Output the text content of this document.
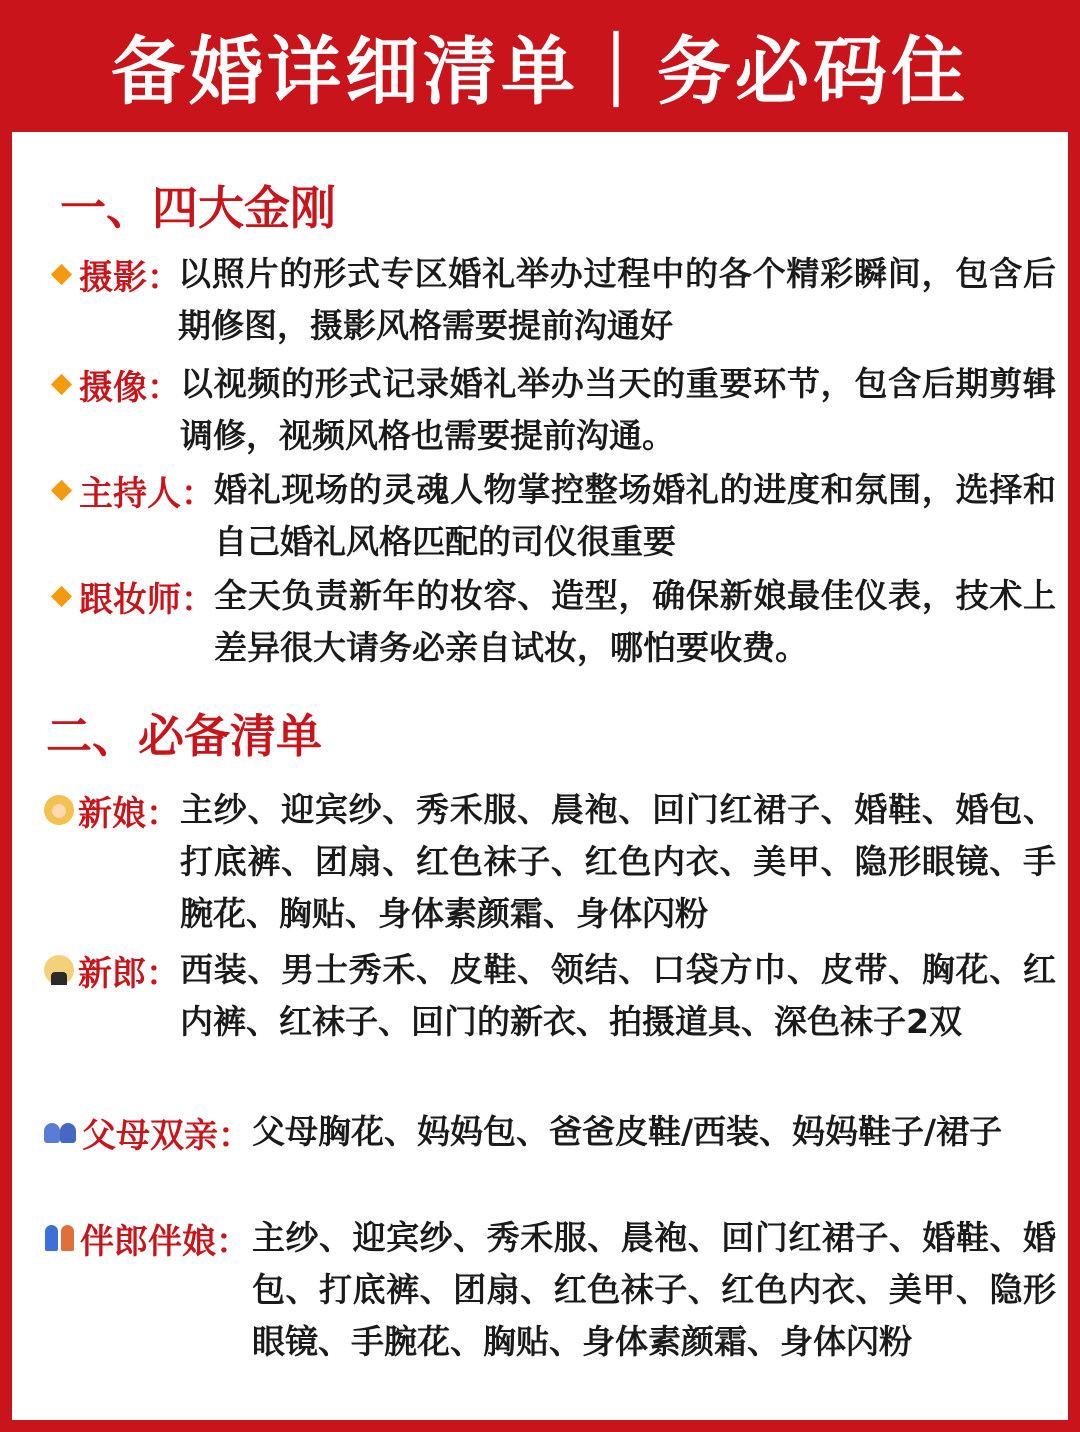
备婚详细清单｜务必码住
一、四大金刚
摄影：

以照片的形式专区婚礼举办过程中的各个精彩瞬间，包含后期修图，摄影风格需要提前沟通好

摄像： 以视频的形式记录婚礼举办当天的重要环节，包含后期剪辑调修，视频风格也需要提前沟通。

主持人： 婚礼现场的灵魂人物掌控整场婚礼的进度和氛围，选择和自己婚礼风格匹配的司仪很重要

跟妆师： 全天负责新年的妆容、造型，确保新娘最佳仪表，技术上差异很大请务必亲自试妆，哪怕要收费。

二、必备清单
新娘： 主纱、迎宾纱、秀禾服、晨袍、回门红裙子、婚鞋、婚包、打底裤、团扇、红色袜子、红色内衣、美甲、隐形眼镜、手腕花、胸贴、身体素颜霜、身体闪粉

新郎： 西装、男士秀禾、皮鞋、领结、口袋方巾、皮带、胸花、红内裤、红袜子、回门的新衣、拍摄道具、深色袜子2双

父母双亲： 父母胸花、妈妈包、爸爸皮鞋/西装、妈妈鞋子/裙子

伴郎伴娘： 主纱、迎宾纱、秀禾服、晨袍、回门红裙子、婚鞋、婚包、打底裤、团扇、红色袜子、红色内衣、美甲、隐形眼镜、手腕花、胸贴、身体素颜霜、身体闪粉
